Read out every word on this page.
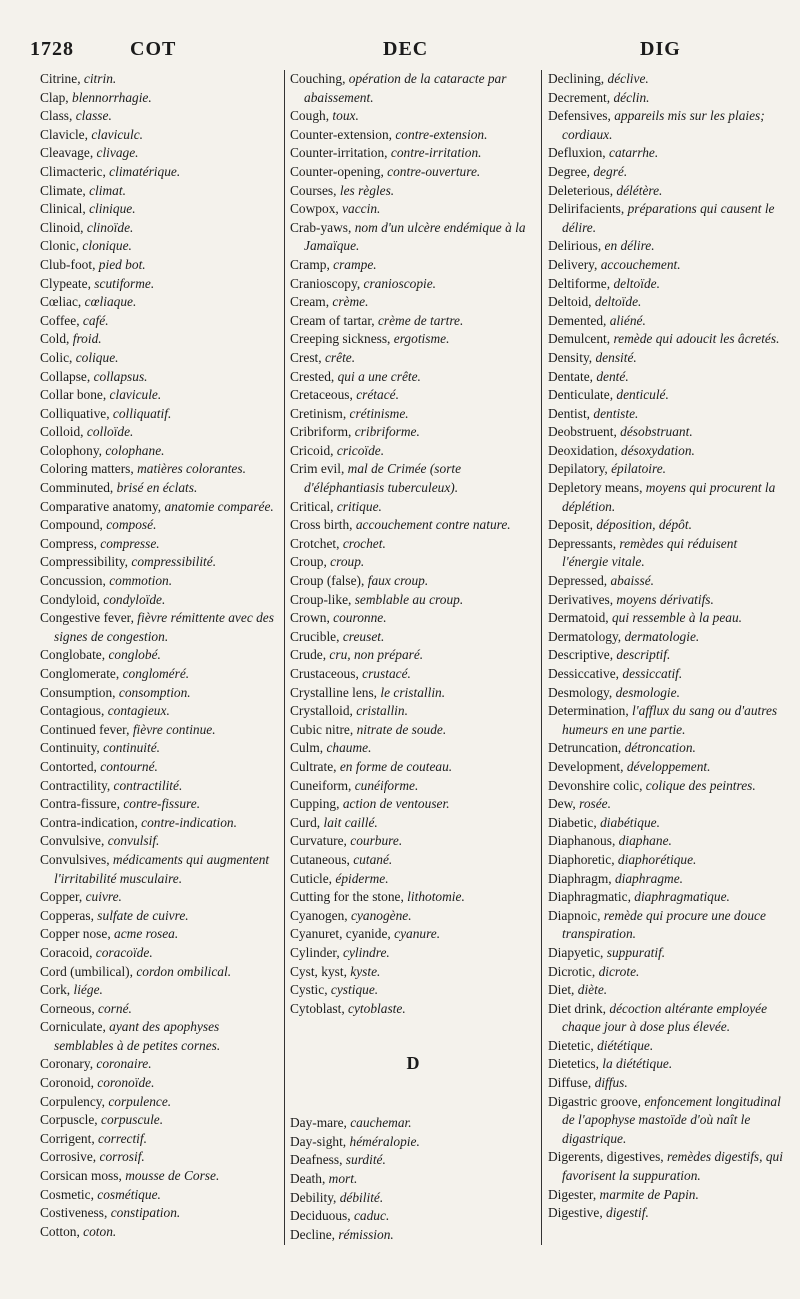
1728	COT	DEC	DIG

Citrine, citrin.

Clap, blennorrhagie.

Class, classe.

Clavicle, claviculc.

Cleavage, clivage.

Climacteric, climatérique.

Climate, climat.

Clinical, clinique.

Clinoid, clinoïde.

Clonic, clonique.

Club-foot, pied bot.

Clypeate, scutiforme.

Cœliac, cœliaque.

Coffee, café.

Cold, froid.

Colic, colique.

Collapse, collapsus.

Collar bone, clavicule.

Colliquative, colliquatif.

Colloid, colloïde.

Colophony, colophane.

Coloring matters, matières colorantes.

Comminuted, brisé en éclats.

Comparative anatomy, anatomie comparée.

Compound, composé.

Compress, compresse.

Compressibility, compressibilité.

Concussion, commotion.

Condyloid, condyloïde.

Congestive fever, fièvre rémittente avec des signes de congestion.

Conglobate, conglobé.

Conglomerate, congloméré.

Consumption, consomption.

Contagious, contagieux.

Continued fever, fièvre continue.

Continuity, continuité.

Contorted, contourné.

Contractility, contractilité.

Contra-fissure, contre-fissure.

Contra-indication, contre-indication.

Convulsive, convulsif.

Convulsives, médicaments qui augmentent l'irritabilité musculaire.

Copper, cuivre.

Copperas, sulfate de cuivre.

Copper nose, acme rosea.

Coracoid, coracoïde.

Cord (umbilical), cordon ombilical.

Cork, liége.

Corneous, corné.

Corniculate, ayant des apophyses semblables à de petites cornes.

Coronary, coronaire.

Coronoid, coronoïde.

Corpulency, corpulence.

Corpuscle, corpuscule.

Corrigent, correctif.

Corrosive, corrosif.

Corsican moss, mousse de Corse.

Cosmetic, cosmétique.

Costiveness, constipation.

Cotton, coton.

Couching, opération de la cataracte par abaissement.

Cough, toux.

Counter-extension, contre-extension.

Counter-irritation, contre-irritation.

Counter-opening, contre-ouverture.

Courses, les règles.

Cowpox, vaccin.

Crab-yaws, nom d'un ulcère endémique à la Jamaïque.

Cramp, crampe.

Cranioscopy, cranioscopie.

Cream, crème.

Cream of tartar, crème de tartre.

Creeping sickness, ergotisme.

Crest, crête.

Crested, qui a une crête.

Cretaceous, crétacé.

Cretinism, crétinisme.

Cribriform, cribriforme.

Cricoid, cricoïde.

Crim evil, mal de Crimée (sorte d'éléphantiasis tuberculeux).

Critical, critique.

Cross birth, accouchement contre nature.

Crotchet, crochet.

Croup, croup.

Croup (false), faux croup.

Croup-like, semblable au croup.

Crown, couronne.

Crucible, creuset.

Crude, cru, non préparé.

Crustaceous, crustacé.

Crystalline lens, le cristallin.

Crystalloid, cristallin.

Cubic nitre, nitrate de soude.

Culm, chaume.

Cultrate, en forme de couteau.

Cuneiform, cunéiforme.

Cupping, action de ventouser.

Curd, lait caillé.

Curvature, courbure.

Cutaneous, cutané.

Cuticle, épiderme.

Cutting for the stone, lithotomie.

Cyanogen, cyanogène.

Cyanuret, cyanide, cyanure.

Cylinder, cylindre.

Cyst, kyst, kyste.

Cystic, cystique.

Cytoblast, cytoblaste.

D

Day-mare, cauchemar.

Day-sight, héméralopie.

Deafness, surdité.

Death, mort.

Debility, débilité.

Deciduous, caduc.

Decline, rémission.

Declining, déclive.

Decrement, déclin.

Defensives, appareils mis sur les plaies; cordiaux.

Defluxion, catarrhe.

Degree, degré.

Deleterious, délétère.

Delirifacients, préparations qui causent le délire.

Delirious, en délire.

Delivery, accouchement.

Deltiforme, deltoïde.

Deltoid, deltoïde.

Demented, aliéné.

Demulcent, remède qui adoucit les âcretés.

Density, densité.

Dentate, denté.

Denticulate, denticulé.

Dentist, dentiste.

Deobstruent, désobstruant.

Deoxidation, désoxydation.

Depilatory, épilatoire.

Depletory means, moyens qui procurent la déplétion.

Deposit, déposition, dépôt.

Depressants, remèdes qui réduisent l'énergie vitale.

Depressed, abaissé.

Derivatives, moyens dérivatifs.

Dermatoid, qui ressemble à la peau.

Dermatology, dermatologie.

Descriptive, descriptif.

Dessiccative, dessiccatif.

Desmology, desmologie.

Determination, l'afflux du sang ou d'autres humeurs en une partie.

Detruncation, détroncation.

Development, développement.

Devonshire colic, colique des peintres.

Dew, rosée.

Diabetic, diabétique.

Diaphanous, diaphane.

Diaphoretic, diaphorétique.

Diaphragm, diaphragme.

Diaphragmatic, diaphragmatique.

Diapnoic, remède qui procure une douce transpiration.

Diapyetic, suppuratif.

Dicrotic, dicrote.

Diet, diète.

Diet drink, décoction altérante employée chaque jour à dose plus élevée.

Dietetic, diététique.

Dietetics, la diététique.

Diffuse, diffus.

Digastric groove, enfoncement longitudinal de l'apophyse mastoïde d'où naît le digastrique.

Digerents, digestives, remèdes digestifs, qui favorisent la suppuration.

Digester, marmite de Papin.

Digestive, digestif.
